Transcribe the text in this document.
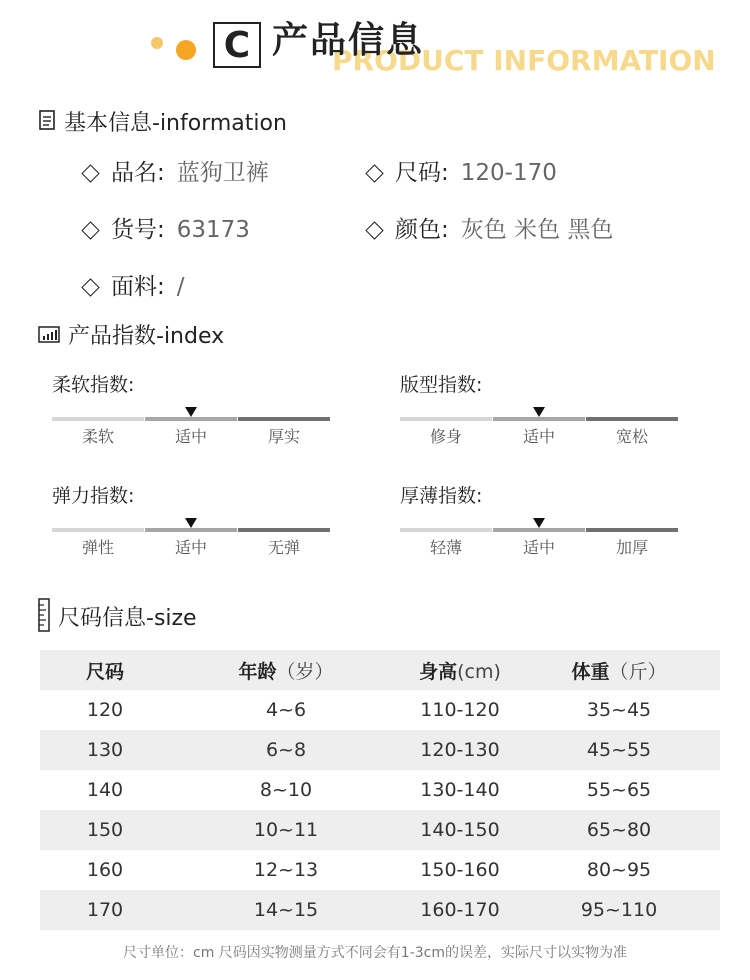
C	PRODUCT INFORMATION
产品信息
基本信息-information
品名: 蓝狗卫裤	尺码: 120-170
货号: 63173	颜色: 灰色 米色 黑色
面料: /
产品指数-index
柔软指数:
柔软	适中	厚实
版型指数:
修身	适中	宽松
弹力指数:
弹性	适中	无弹
厚薄指数:
轻薄	适中	加厚
尺码信息-size
尺码	年龄（岁）	身高(cm)	体重（斤）
120	4~6	110-120	35~45
130	6~8	120-130	45~55
140	8~10	130-140	55~65
150	10~11	140-150	65~80
160	12~13	150-160	80~95
170	14~15	160-170	95~110
尺寸单位：cm 尺码因实物测量方式不同会有1-3cm的误差，实际尺寸以实物为准
